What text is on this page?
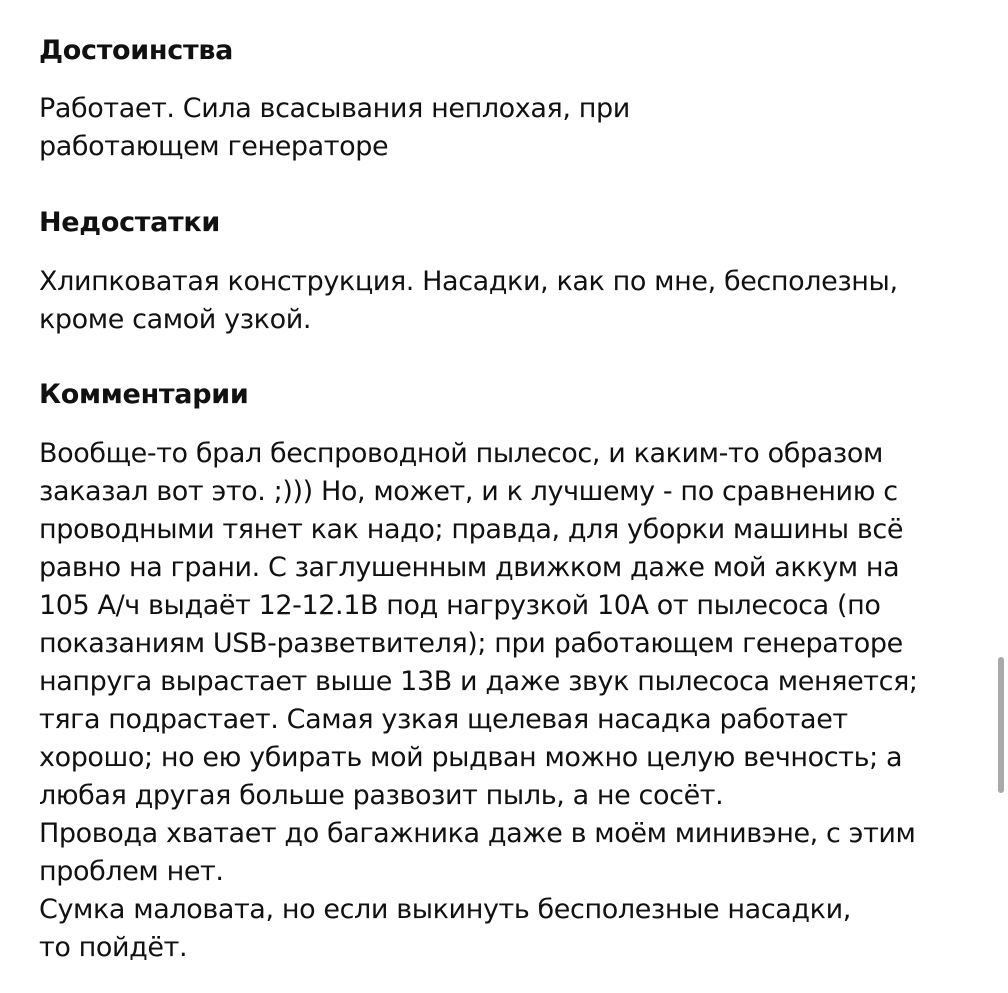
Достоинства
Работает. Сила всасывания неплохая, при
работающем генераторе
Недостатки
Хлипковатая конструкция. Насадки, как по мне, бесполезны,
кроме самой узкой.
Комментарии
Вообще-то брал беспроводной пылесос, и каким-то образом
заказал вот это. ;))) Но, может, и к лучшему - по сравнению с
проводными тянет как надо; правда, для уборки машины всё
равно на грани. С заглушенным движком даже мой аккум на
105 А/ч выдаёт 12-12.1В под нагрузкой 10А от пылесоса (по
показаниям USB-разветвителя); при работающем генераторе
напруга вырастает выше 13В и даже звук пылесоса меняется;
тяга подрастает. Самая узкая щелевая насадка работает
хорошо; но ею убирать мой рыдван можно целую вечность; а
любая другая больше развозит пыль, а не сосёт.
Провода хватает до багажника даже в моём минивэне, с этим
проблем нет.
Сумка маловата, но если выкинуть бесполезные насадки,
то пойдёт.
